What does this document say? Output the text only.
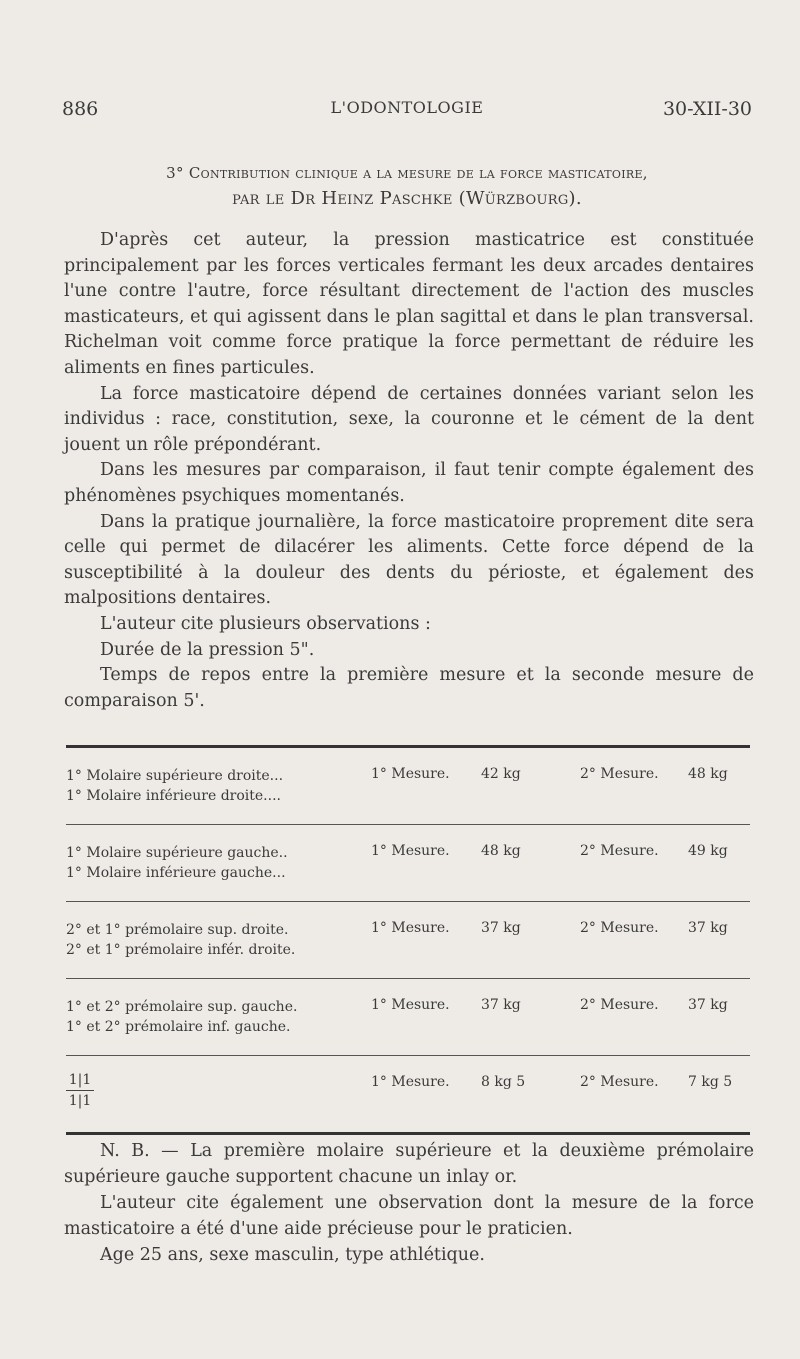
L'ODONTOLOGIE
886	30-XII-30
3° Contribution clinique a la mesure de la force masticatoire,
par le Dr Heinz Paschke (Würzbourg).

D'après cet auteur, la pression masticatrice est constituée principalement par les forces verticales fermant les deux arcades dentaires l'une contre l'autre, force résultant directement de l'action des muscles masticateurs, et qui agissent dans le plan sagittal et dans le plan transversal. Richelman voit comme force pratique la force permettant de réduire les aliments en fines particules.

La force masticatoire dépend de certaines données variant selon les individus : race, constitution, sexe, la couronne et le cément de la dent jouent un rôle prépondérant.

Dans les mesures par comparaison, il faut tenir compte également des phénomènes psychiques momentanés.

Dans la pratique journalière, la force masticatoire proprement dite sera celle qui permet de dilacérer les aliments. Cette force dépend de la susceptibilité à la douleur des dents du périoste, et également des malpositions dentaires.

L'auteur cite plusieurs observations :

Durée de la pression 5".

Temps de repos entre la première mesure et la seconde mesure de comparaison 5'.

1° Molaire supérieure droite...
1° Molaire inférieure droite....
1° Mesure. 42 kg	2° Mesure. 48 kg
1° Molaire supérieure gauche..
1° Molaire inférieure gauche...
1° Mesure. 48 kg	2° Mesure. 49 kg
2° et 1° prémolaire sup. droite.
2° et 1° prémolaire infér. droite.
1° Mesure. 37 kg	2° Mesure. 37 kg
1° et 2° prémolaire sup. gauche.
1° et 2° prémolaire inf. gauche.
1° Mesure. 37 kg	2° Mesure. 37 kg
$\frac{1|1}{1|1}$	1° Mesure. 8 kg 5	2° Mesure. 7 kg 5

N. B. — La première molaire supérieure et la deuxième prémolaire supérieure gauche supportent chacune un inlay or.

L'auteur cite également une observation dont la mesure de la force masticatoire a été d'une aide précieuse pour le praticien.

Age 25 ans, sexe masculin, type athlétique.
